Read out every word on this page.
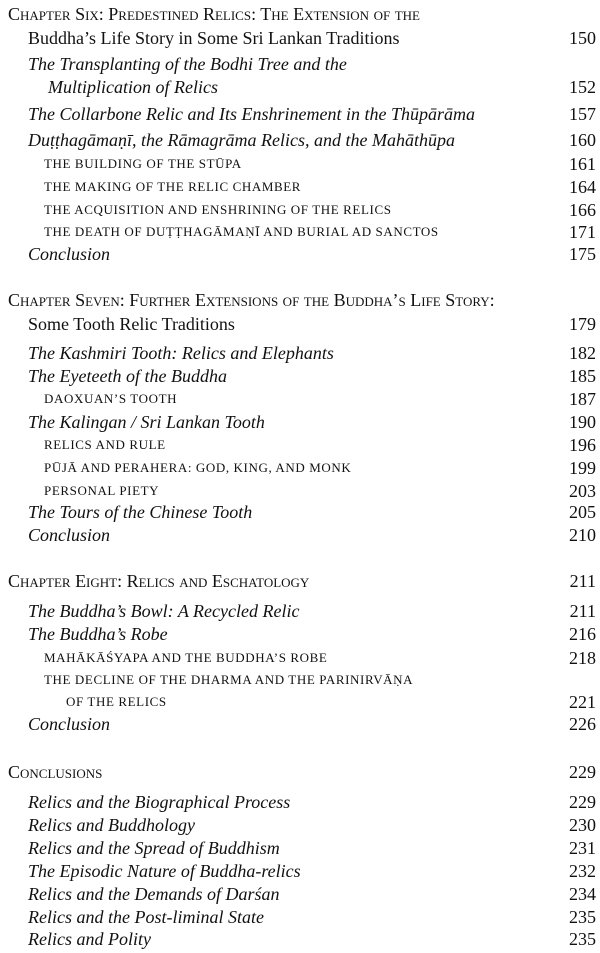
Chapter Six: Predestined Relics: The Extension of the
Buddha’s Life Story in Some Sri Lankan Traditions	150
The Transplanting of the Bodhi Tree and the
Multiplication of Relics	152
The Collarbone Relic and Its Enshrinement in the Thūpārāma	157
Duṭṭhagāmaṇī, the Rāmagrāma Relics, and the Mahāthūpa	160
THE BUILDING OF THE STŪPA	161
THE MAKING OF THE RELIC CHAMBER	164
THE ACQUISITION AND ENSHRINING OF THE RELICS	166
THE DEATH OF DUṬṬHAGĀMAṆĪ AND BURIAL AD SANCTOS	171
Conclusion	175
Chapter Seven: Further Extensions of the Buddha’s Life Story:
Some Tooth Relic Traditions	179
The Kashmiri Tooth: Relics and Elephants	182
The Eyeteeth of the Buddha	185
DAOXUAN’S TOOTH	187
The Kalingan / Sri Lankan Tooth	190
RELICS AND RULE	196
PŪJĀ AND PERAHERA: GOD, KING, AND MONK	199
PERSONAL PIETY	203
The Tours of the Chinese Tooth	205
Conclusion	210
Chapter Eight: Relics and Eschatology	211
The Buddha’s Bowl: A Recycled Relic	211
The Buddha’s Robe	216
MAHĀKĀŚYAPA AND THE BUDDHA’S ROBE	218
THE DECLINE OF THE DHARMA AND THE PARINIRVĀṆA
OF THE RELICS	221
Conclusion	226
Conclusions	229
Relics and the Biographical Process	229
Relics and Buddhology	230
Relics and the Spread of Buddhism	231
The Episodic Nature of Buddha-relics	232
Relics and the Demands of Darśan	234
Relics and the Post-liminal State	235
Relics and Polity	235
